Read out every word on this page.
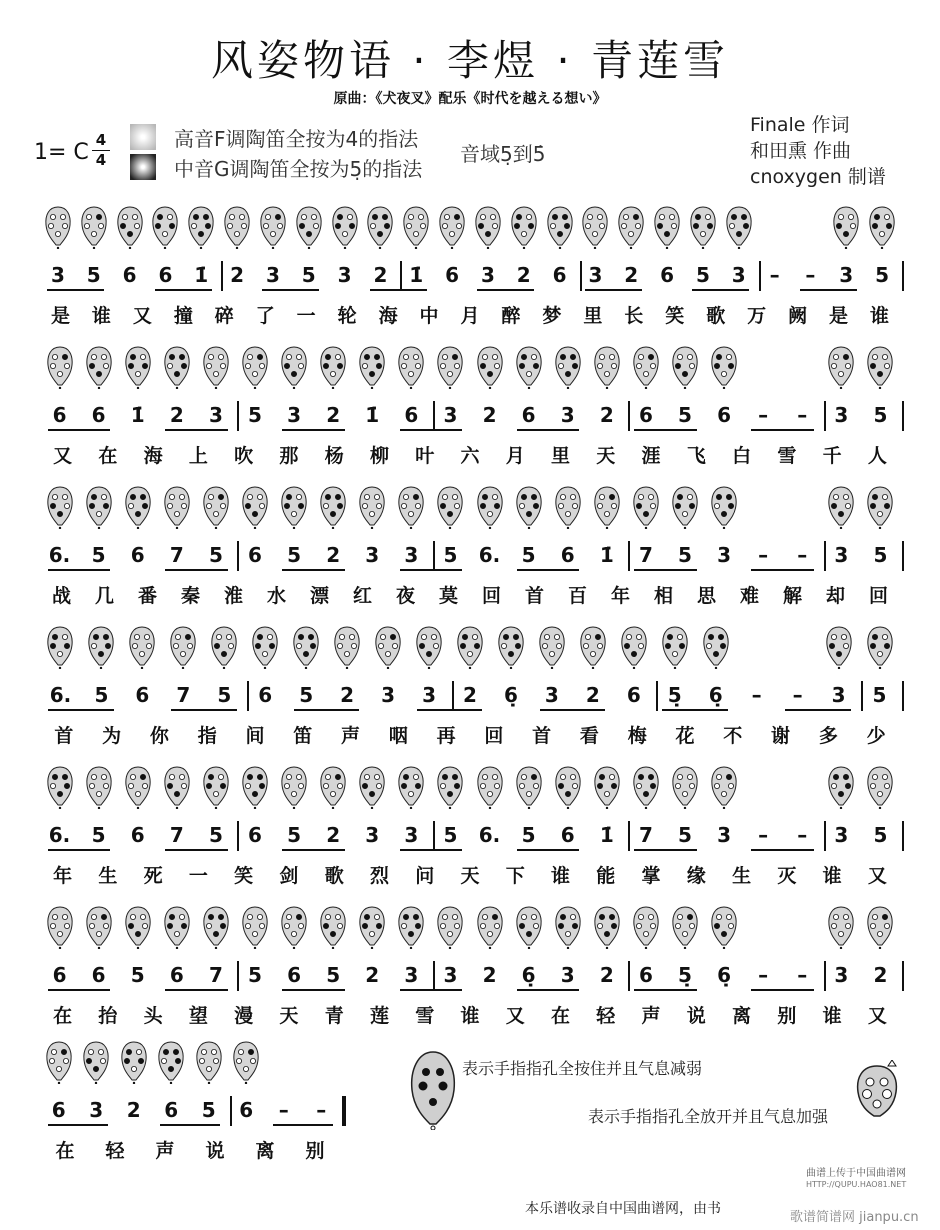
风姿物语 · 李煜 · 青莲雪
原曲：《犬夜叉》配乐《时代を越える想い》
1= C 4
4
高音F调陶笛全按为4的指法
中音G调陶笛全按为5̣的指法
音域5̣到5̇
Finale 作词
和田熏 作曲
cnoxygen 制谱
3	5	6	6	1̇	2	3	5	3	2	1̇	6	3	2	6	3	2	6	5	3	–	–	3	5
是 谁 又 撞 碎 了 一 轮 海 中 月 醉 梦 里 长 笑 歌 万 阙 是 谁
6	6	1̇	2	3	5	3	2	1̇	6	3	2	6	3	2	6	5	6	–	–	3	5
又 在 海 上 吹 那 杨 柳 叶 六 月 里 天 涯 飞 白 雪 千 人
6.	5	6	7	5	6	5	2	3	3	5	6.	5	6	1̇	7	5	3	–	–	3	5
战 几 番 秦 淮 水 漂 红 夜 莫 回 首 百 年 相 思 难 解 却 回
6.	5	6	7	5	6	5	2	3	3	2	6̣	3	2	6	5̣	6̣	–	–	3	5
首 为 你 指 间 笛 声 咽 再 回 首 看 梅 花 不 谢 多 少
6.	5	6	7	5	6	5	2	3	3	5	6.	5	6	1̇	7	5	3	–	–	3	5
年 生 死 一 笑 剑 歌 烈 问 天 下 谁 能 掌 缘 生 灭 谁 又
6	6	5	6	7	5	6	5	2	3	3	2	6̣	3	2	6	5̣	6̣	–	–	3	2
在 抬 头 望 漫 天 青 莲 雪 谁 又 在 轻 声 说 离 别 谁 又
6	3	2	6	5	6	–	–
在 轻 声 说 离 别
表示手指指孔全按住并且气息减弱
表示手指指孔全放开并且气息加强
本乐谱收录自中国曲谱网，由书
曲谱上传于中国曲谱网
HTTP://QUPU.HAO81.NET
歌谱简谱网 jianpu.cn
